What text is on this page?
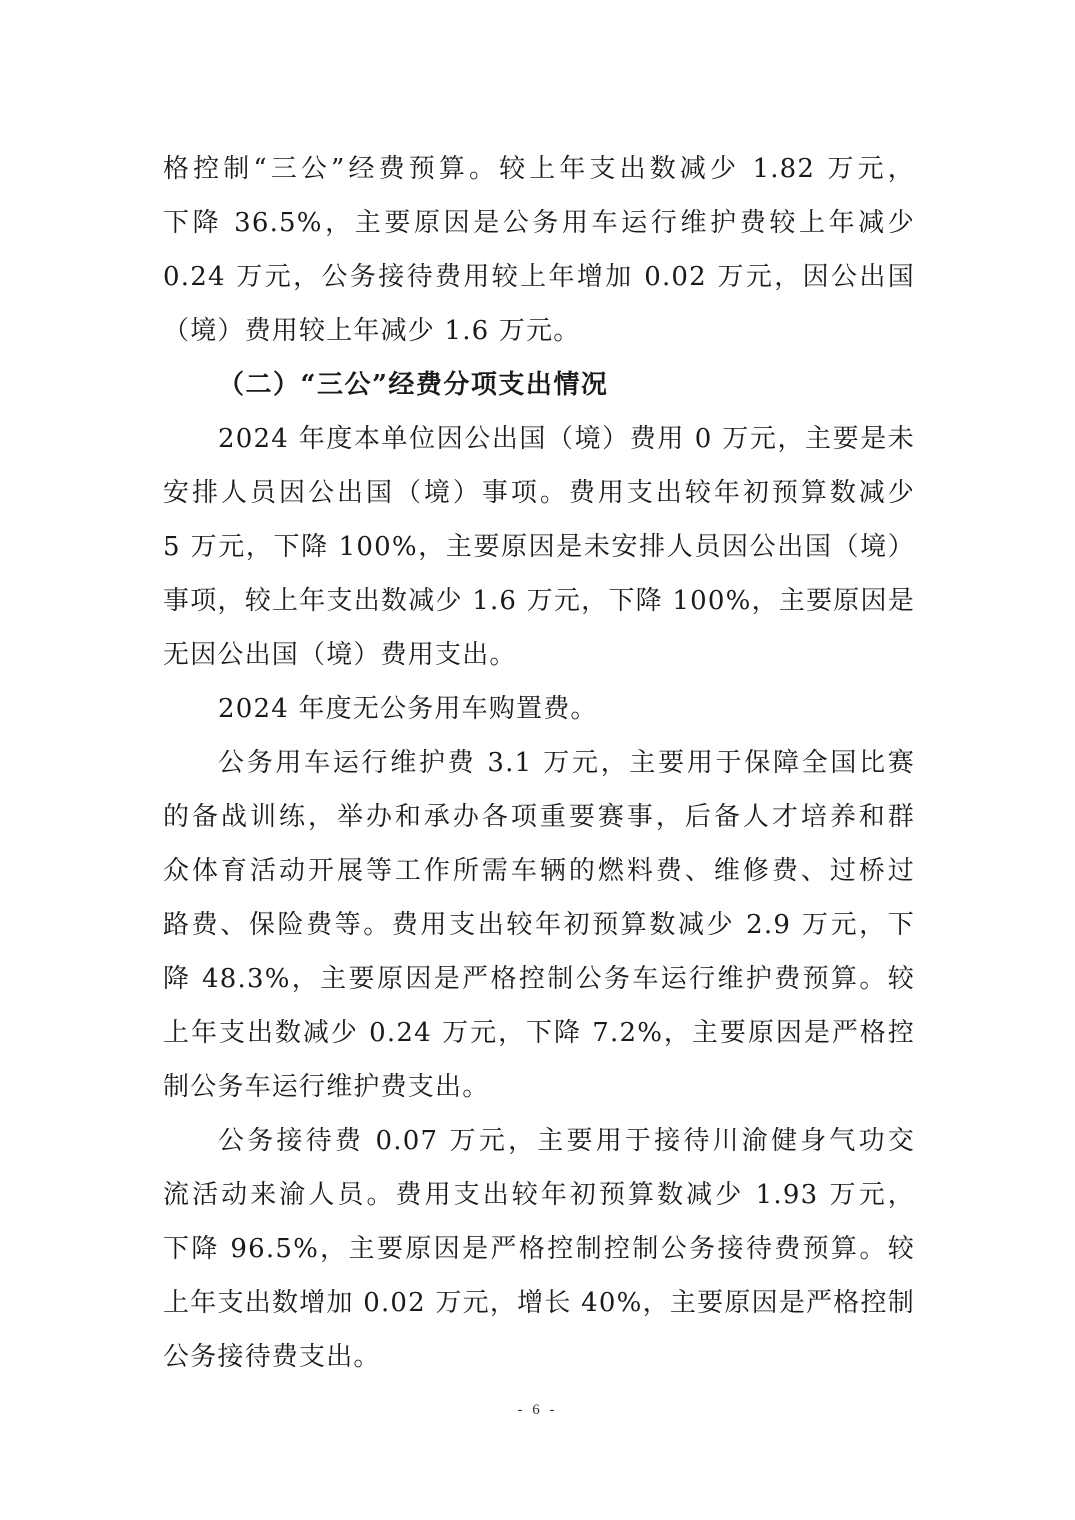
格控制“三公”经费预算。较上年支出数减少 1.82 万元，
下降 36.5%，主要原因是公务用车运行维护费较上年减少
0.24 万元，公务接待费用较上年增加 0.02 万元，因公出国
（境）费用较上年减少 1.6 万元。
（二）“三公”经费分项支出情况
2024 年度本单位因公出国（境）费用 0 万元，主要是未
安排人员因公出国（境）事项。费用支出较年初预算数减少
5 万元，下降 100%，主要原因是未安排人员因公出国（境）
事项，较上年支出数减少 1.6 万元，下降 100%，主要原因是
无因公出国（境）费用支出。
2024 年度无公务用车购置费。
公务用车运行维护费 3.1 万元，主要用于保障全国比赛
的备战训练，举办和承办各项重要赛事，后备人才培养和群
众体育活动开展等工作所需车辆的燃料费、维修费、过桥过
路费、保险费等。费用支出较年初预算数减少 2.9 万元，下
降 48.3%，主要原因是严格控制公务车运行维护费预算。较
上年支出数减少 0.24 万元，下降 7.2%，主要原因是严格控
制公务车运行维护费支出。
公务接待费 0.07 万元，主要用于接待川渝健身气功交
流活动来渝人员。费用支出较年初预算数减少 1.93 万元，
下降 96.5%，主要原因是严格控制控制公务接待费预算。较
上年支出数增加 0.02 万元，增长 40%，主要原因是严格控制
公务接待费支出。
- 6 -
